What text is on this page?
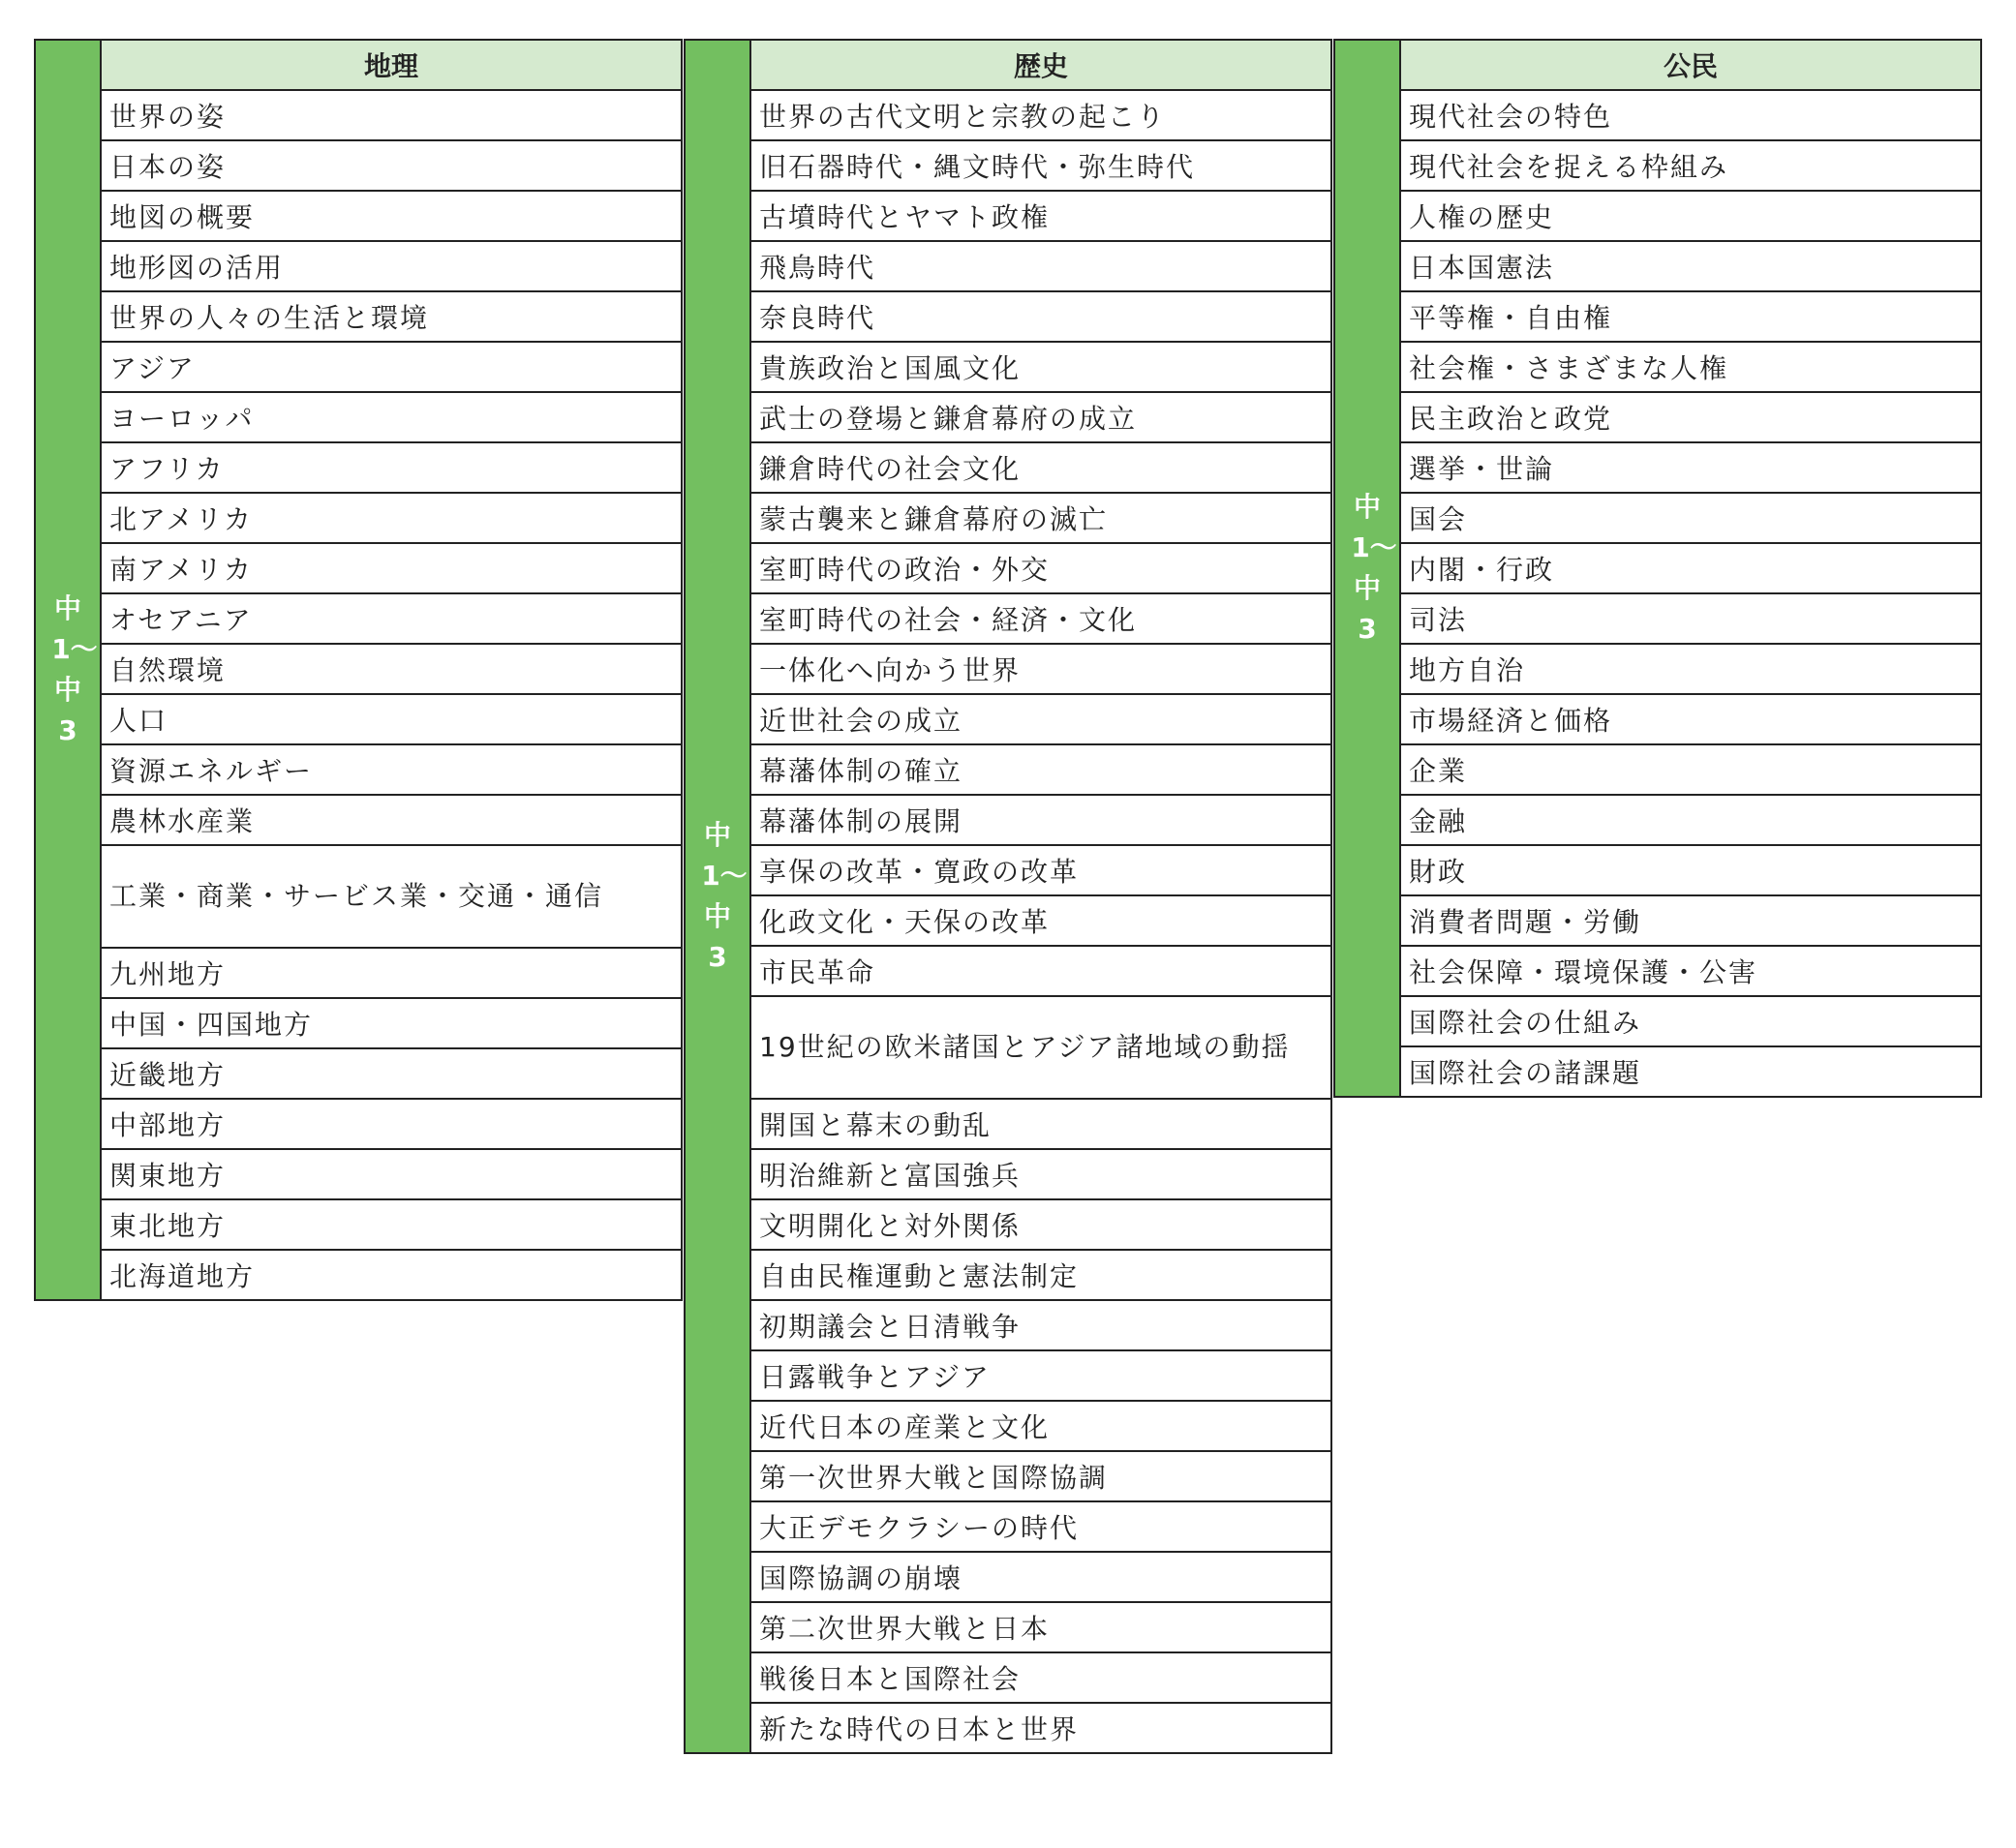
中1〜中3	地理
世界の姿
日本の姿
地図の概要
地形図の活用
世界の人々の生活と環境
アジア
ヨーロッパ
アフリカ
北アメリカ
南アメリカ
オセアニア
自然環境
人口
資源エネルギー
農林水産業
工業・商業・サービス業・交通・通信
九州地方
中国・四国地方
近畿地方
中部地方
関東地方
東北地方
北海道地方
中1〜中3	歴史
世界の古代文明と宗教の起こり
旧石器時代・縄文時代・弥生時代
古墳時代とヤマト政権
飛鳥時代
奈良時代
貴族政治と国風文化
武士の登場と鎌倉幕府の成立
鎌倉時代の社会文化
蒙古襲来と鎌倉幕府の滅亡
室町時代の政治・外交
室町時代の社会・経済・文化
一体化へ向かう世界
近世社会の成立
幕藩体制の確立
幕藩体制の展開
享保の改革・寛政の改革
化政文化・天保の改革
市民革命
19世紀の欧米諸国とアジア諸地域の動揺
開国と幕末の動乱
明治維新と富国強兵
文明開化と対外関係
自由民権運動と憲法制定
初期議会と日清戦争
日露戦争とアジア
近代日本の産業と文化
第一次世界大戦と国際協調
大正デモクラシーの時代
国際協調の崩壊
第二次世界大戦と日本
戦後日本と国際社会
新たな時代の日本と世界
中1〜中3	公民
現代社会の特色
現代社会を捉える枠組み
人権の歴史
日本国憲法
平等権・自由権
社会権・さまざまな人権
民主政治と政党
選挙・世論
国会
内閣・行政
司法
地方自治
市場経済と価格
企業
金融
財政
消費者問題・労働
社会保障・環境保護・公害
国際社会の仕組み
国際社会の諸課題
